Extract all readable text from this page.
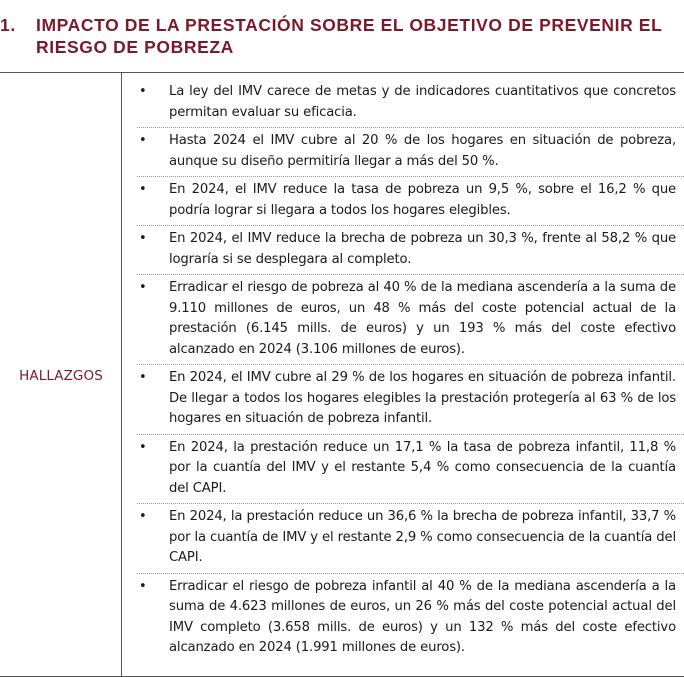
1. IMPACTO DE LA PRESTACIÓN SOBRE EL OBJETIVO DE PREVENIR EL
RIESGO DE POBREZA
HALLAZGOS
• La ley del IMV carece de metas y de indicadores cuantitativos que concretos permitan evaluar su eficacia.
• Hasta 2024 el IMV cubre al 20 % de los hogares en situación de pobreza, aunque su diseño permitiría llegar a más del 50 %.
• En 2024, el IMV reduce la tasa de pobreza un 9,5 %, sobre el 16,2 % que podría lograr si llegara a todos los hogares elegibles.
• En 2024, el IMV reduce la brecha de pobreza un 30,3 %, frente al 58,2 % que lograría si se desplegara al completo.
• Erradicar el riesgo de pobreza al 40 % de la mediana ascendería a la suma de 9.110 millones de euros, un 48 % más del coste potencial actual de la prestación (6.145 mills. de euros) y un 193 % más del coste efectivo alcanzado en 2024 (3.106 millones de euros).
• En 2024, el IMV cubre al 29 % de los hogares en situación de pobreza infantil. De llegar a todos los hogares elegibles la prestación protegería al 63 % de los hogares en situación de pobreza infantil.
• En 2024, la prestación reduce un 17,1 % la tasa de pobreza infantil, 11,8 % por la cuantía del IMV y el restante 5,4 % como consecuencia de la cuantía del CAPI.
• En 2024, la prestación reduce un 36,6 % la brecha de pobreza infantil, 33,7 % por la cuantía de IMV y el restante 2,9 % como consecuencia de la cuantía del CAPI.
• Erradicar el riesgo de pobreza infantil al 40 % de la mediana ascendería a la suma de 4.623 millones de euros, un 26 % más del coste potencial actual del IMV completo (3.658 mills. de euros) y un 132 % más del coste efectivo alcanzado en 2024 (1.991 millones de euros).
